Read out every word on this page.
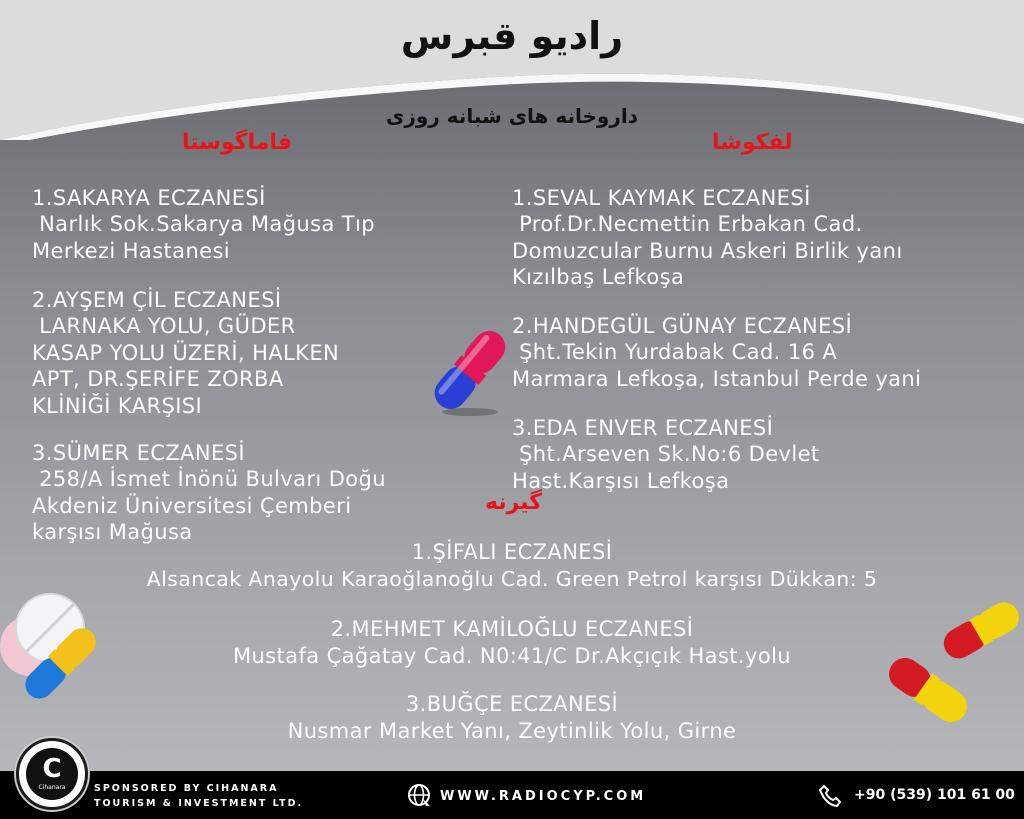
رادیو قبرس
داروخانه های شبانه روزی
فاماگوستا	لفکوشا
گیرنه
1.SAKARYA ECZANESİ
Narlık Sok.Sakarya Mağusa Tıp
Merkezi Hastanesi
2.AYŞEM ÇİL ECZANESİ
LARNAKA YOLU, GÜDER
KASAP YOLU ÜZERİ, HALKEN
APT, DR.ŞERİFE ZORBA
KLİNİĞİ KARŞISI
3.SÜMER ECZANESİ
258/A İsmet İnönü Bulvarı Doğu
Akdeniz Üniversitesi Çemberi
karşısı Mağusa
1.SEVAL KAYMAK ECZANESİ
Prof.Dr.Necmettin Erbakan Cad.
Domuzcular Burnu Askeri Birlik yanı
Kızılbaş Lefkoşa
2.HANDEGÜL GÜNAY ECZANESİ
Şht.Tekin Yurdabak Cad. 16 A
Marmara Lefkoşa, Istanbul Perde yani
3.EDA ENVER ECZANESİ
Şht.Arseven Sk.No:6 Devlet
Hast.Karşısı Lefkoşa
1.ŞİFALI ECZANESİ
Alsancak Anayolu Karaoğlanoğlu Cad. Green Petrol karşısı Dükkan: 5
2.MEHMET KAMİLOĞLU ECZANESİ
Mustafa Çağatay Cad. N0:41/C Dr.Akçıçık Hast.yolu
3.BUĞÇE ECZANESİ
Nusmar Market Yanı, Zeytinlik Yolu, Girne
SPONSORED BY CIHANARA
TOURISM & INVESTMENT LTD.	WWW.RADIOCYP.COM	+90 (539) 101 61 00
C
Cihanara
